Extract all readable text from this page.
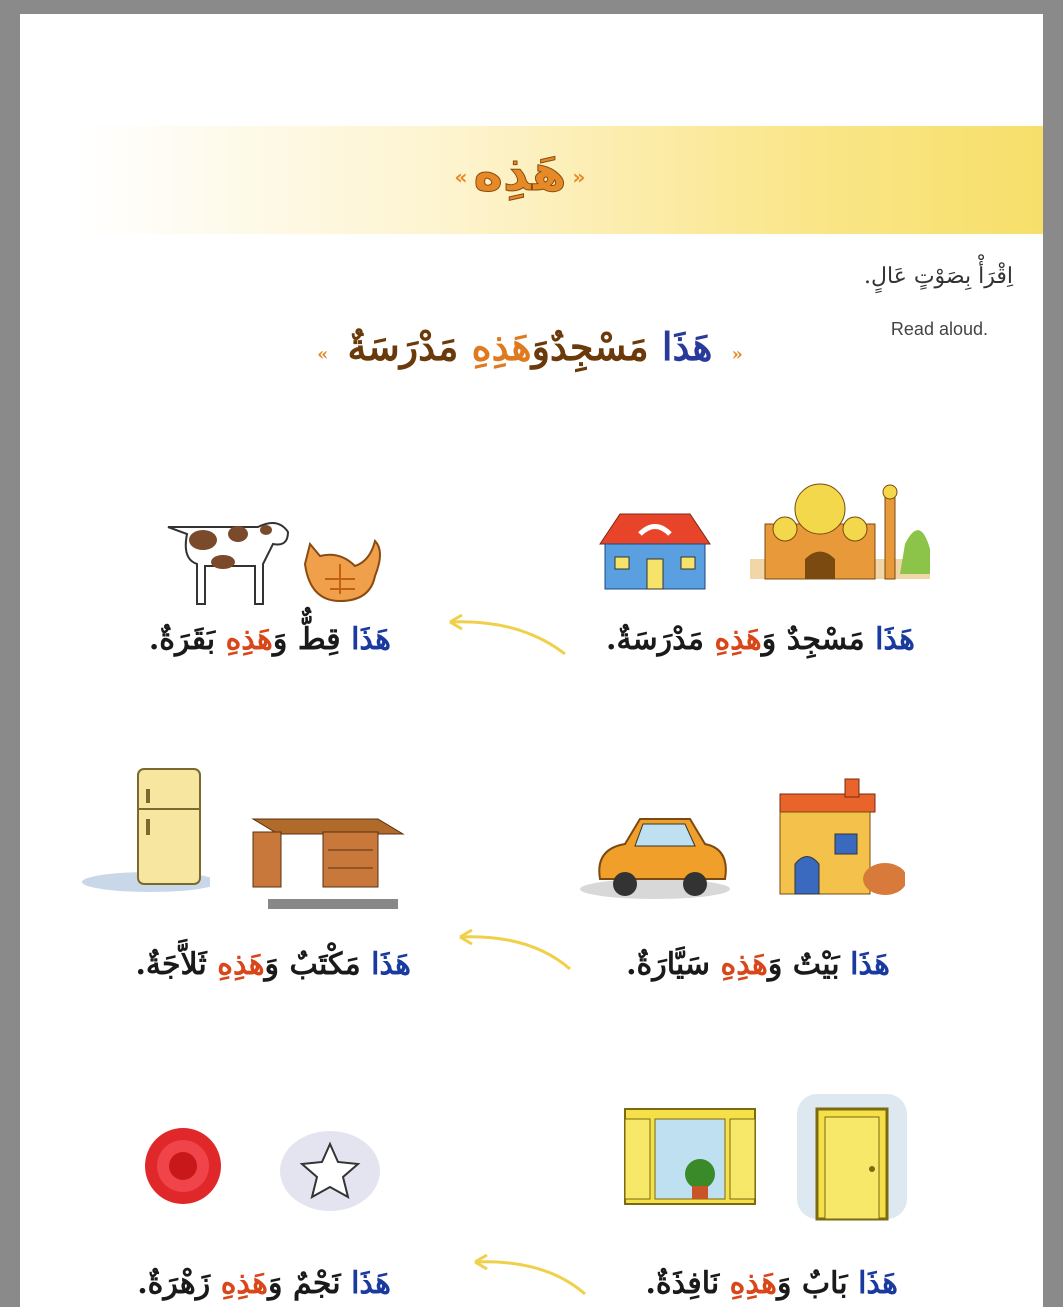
«هَذِه»
اِقْرَأْ بِصَوْتٍ عَالٍ.
Read aloud.
« هَذَا مَسْجِدٌوَهَذِهِ مَدْرَسَةٌ »
هَذَا مَسْجِدٌ وَهَذِهِ مَدْرَسَةٌ.
هَذَا قِطٌّ وَهَذِهِ بَقَرَةٌ.
هَذَا بَيْتٌ وَهَذِهِ سَيَّارَةٌ.
هَذَا مَكْتَبٌ وَهَذِهِ ثَلاَّجَةٌ.
هَذَا بَابٌ وَهَذِهِ نَافِذَةٌ.
هَذَا نَجْمٌ وَهَذِهِ زَهْرَةٌ.
